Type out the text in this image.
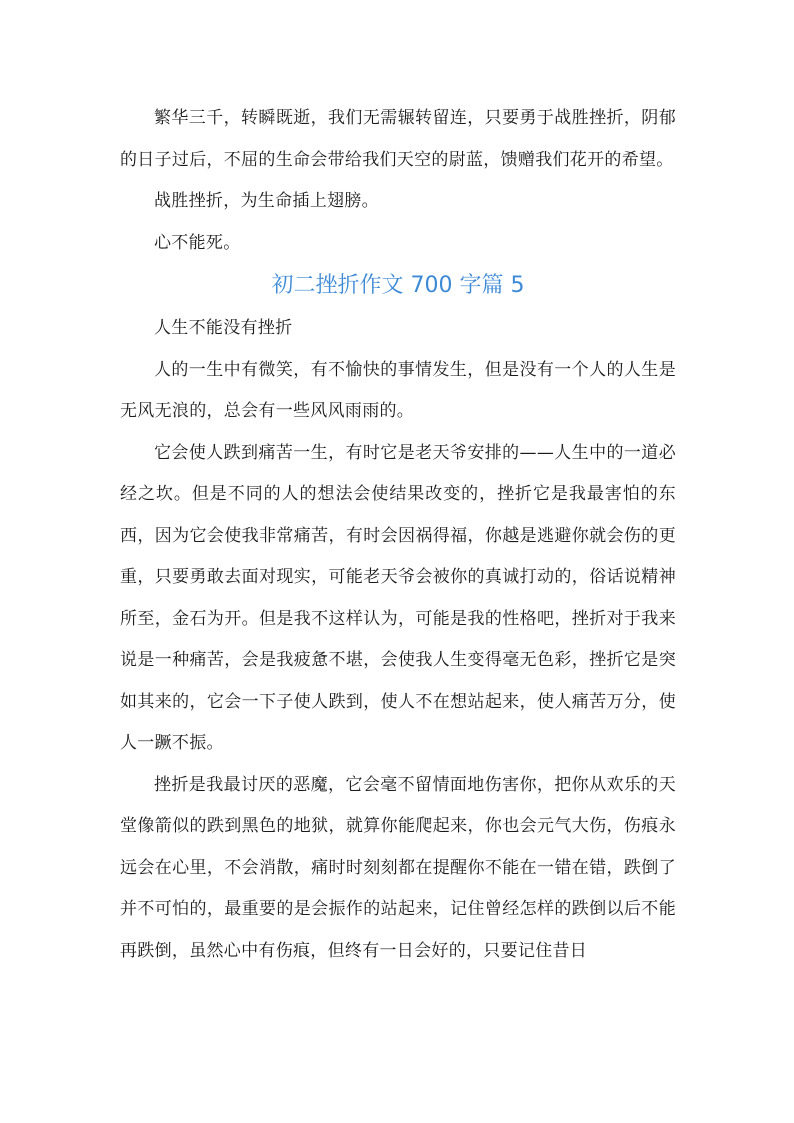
繁华三千，转瞬既逝，我们无需辗转留连，只要勇于战胜挫折，阴郁的日子过后，不屈的生命会带给我们天空的尉蓝，馈赠我们花开的希望。

战胜挫折，为生命插上翅膀。

心不能死。

初二挫折作文 700 字篇 5

人生不能没有挫折

人的一生中有微笑，有不愉快的事情发生，但是没有一个人的人生是无风无浪的，总会有一些风风雨雨的。

它会使人跌到痛苦一生，有时它是老天爷安排的——人生中的一道必经之坎。但是不同的人的想法会使结果改变的，挫折它是我最害怕的东西，因为它会使我非常痛苦，有时会因祸得福，你越是逃避你就会伤的更重，只要勇敢去面对现实，可能老天爷会被你的真诚打动的，俗话说精神所至，金石为开。但是我不这样认为，可能是我的性格吧，挫折对于我来说是一种痛苦，会是我疲惫不堪，会使我人生变得毫无色彩，挫折它是突如其来的，它会一下子使人跌到，使人不在想站起来，使人痛苦万分，使人一蹶不振。

挫折是我最讨厌的恶魔，它会毫不留情面地伤害你，把你从欢乐的天堂像箭似的跌到黑色的地狱，就算你能爬起来，你也会元气大伤，伤痕永远会在心里，不会消散，痛时时刻刻都在提醒你不能在一错在错，跌倒了并不可怕的，最重要的是会振作的站起来，记住曾经怎样的跌倒以后不能再跌倒，虽然心中有伤痕，但终有一日会好的，只要记住昔日
